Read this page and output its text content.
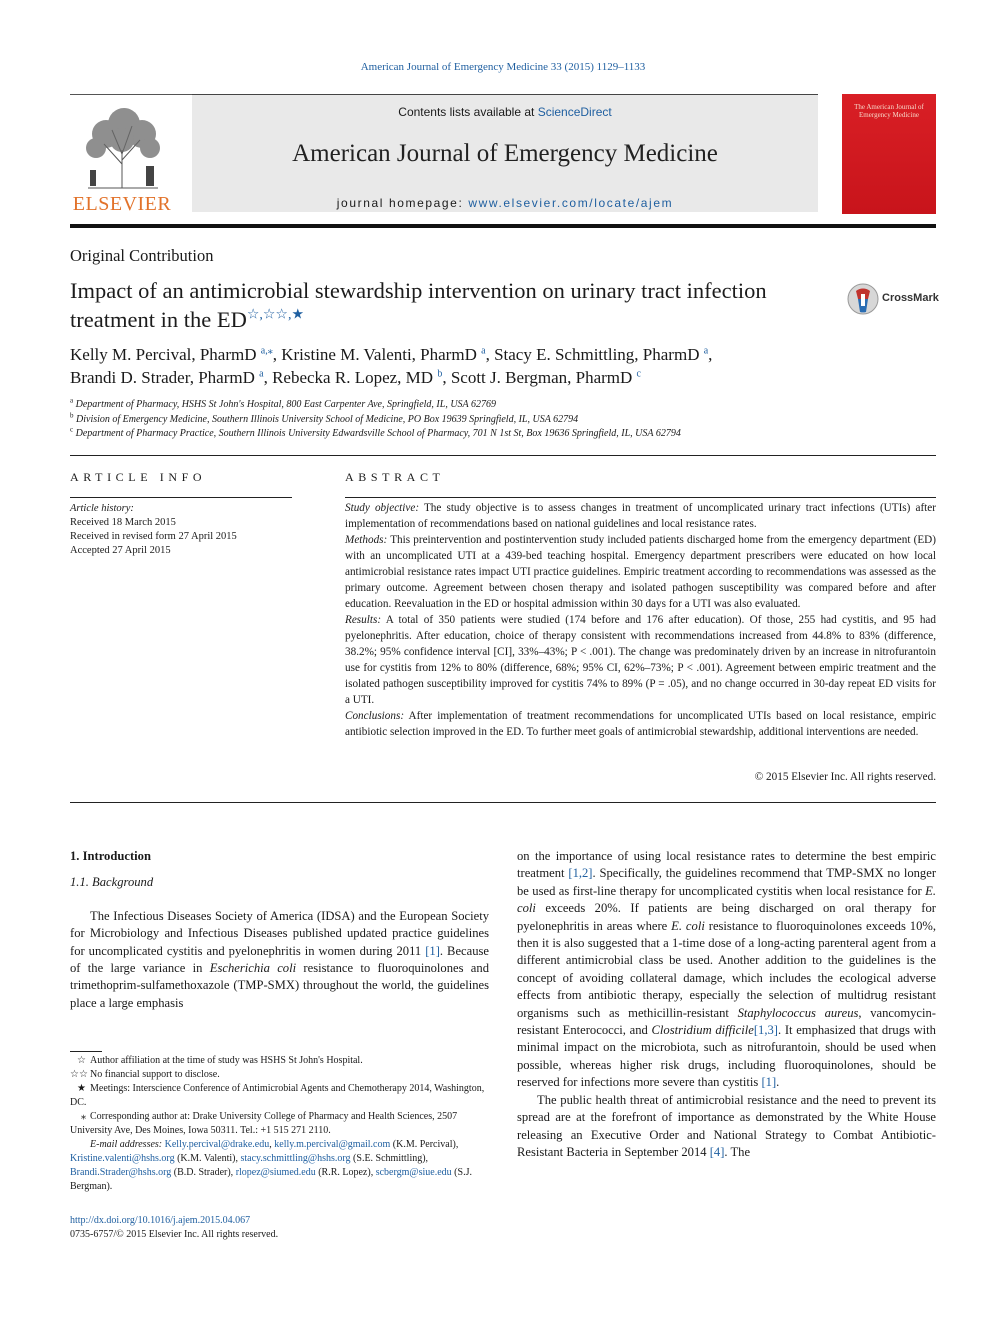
American Journal of Emergency Medicine 33 (2015) 1129–1133
ELSEVIER
Contents lists available at ScienceDirect
American Journal of Emergency Medicine
journal homepage: www.elsevier.com/locate/ajem
The American Journal of Emergency Medicine
Original Contribution
Impact of an antimicrobial stewardship intervention on urinary tract infection treatment in the ED☆,☆☆,★
CrossMark
Kelly M. Percival, PharmD $^{a,⁎}$, Kristine M. Valenti, PharmD $^a$, Stacy E. Schmittling, PharmD $^a$,
Brandi D. Strader, PharmD $^a$, Rebecka R. Lopez, MD $^b$, Scott J. Bergman, PharmD $^c$
$^a$ Department of Pharmacy, HSHS St John's Hospital, 800 East Carpenter Ave, Springfield, IL, USA 62769
$^b$ Division of Emergency Medicine, Southern Illinois University School of Medicine, PO Box 19639 Springfield, IL, USA 62794
$^c$ Department of Pharmacy Practice, Southern Illinois University Edwardsville School of Pharmacy, 701 N 1st St, Box 19636 Springfield, IL, USA 62794
ARTICLE INFO
Article history:
Received 18 March 2015
Received in revised form 27 April 2015
Accepted 27 April 2015
ABSTRACT
Study objective: The study objective is to assess changes in treatment of uncomplicated urinary tract infections (UTIs) after implementation of recommendations based on national guidelines and local resistance rates.
Methods: This preintervention and postintervention study included patients discharged home from the emergency department (ED) with an uncomplicated UTI at a 439-bed teaching hospital. Emergency department prescribers were educated on how local antimicrobial resistance rates impact UTI practice guidelines. Empiric treatment according to recommendations was assessed as the primary outcome. Agreement between chosen therapy and isolated pathogen susceptibility was compared before and after education. Reevaluation in the ED or hospital admission within 30 days for a UTI was also evaluated.
Results: A total of 350 patients were studied (174 before and 176 after education). Of those, 255 had cystitis, and 95 had pyelonephritis. After education, choice of therapy consistent with recommendations increased from 44.8% to 83% (difference, 38.2%; 95% confidence interval [CI], 33%–43%; P < .001). The change was predominately driven by an increase in nitrofurantoin use for cystitis from 12% to 80% (difference, 68%; 95% CI, 62%–73%; P < .001). Agreement between empiric treatment and the isolated pathogen susceptibility improved for cystitis 74% to 89% (P = .05), and no change occurred in 30-day repeat ED visits for a UTI.
Conclusions: After implementation of treatment recommendations for uncomplicated UTIs based on local resistance, empiric antibiotic selection improved in the ED. To further meet goals of antimicrobial stewardship, additional interventions are needed.
© 2015 Elsevier Inc. All rights reserved.
1. Introduction
1.1. Background
The Infectious Diseases Society of America (IDSA) and the European Society for Microbiology and Infectious Diseases published updated practice guidelines for uncomplicated cystitis and pyelonephritis in women during 2011 [1]. Because of the large variance in Escherichia coli resistance to fluoroquinolones and trimethoprim-sulfamethoxazole (TMP-SMX) throughout the world, the guidelines place a large emphasis
on the importance of using local resistance rates to determine the best empiric treatment [1,2]. Specifically, the guidelines recommend that TMP-SMX no longer be used as first-line therapy for uncomplicated cystitis when local resistance for E. coli exceeds 20%. If patients are being discharged on oral therapy for pyelonephritis in areas where E. coli resistance to fluoroquinolones exceeds 10%, then it is also suggested that a 1-time dose of a long-acting parenteral agent from a different antimicrobial class be used. Another addition to the guidelines is the concept of avoiding collateral damage, which includes the ecological adverse effects from antibiotic therapy, especially the selection of multidrug resistant organisms such as methicillin-resistant Staphylococcus aureus, vancomycin-resistant Enterococci, and Clostridium difficile[1,3]. It emphasized that drugs with minimal impact on the microbiota, such as nitrofurantoin, should be used when possible, whereas higher risk drugs, including fluoroquinolones, should be reserved for infections more severe than cystitis [1].
The public health threat of antimicrobial resistance and the need to prevent its spread are at the forefront of importance as demonstrated by the White House releasing an Executive Order and National Strategy to Combat Antibiotic-Resistant Bacteria in September 2014 [4]. The
☆ Author affiliation at the time of study was HSHS St John's Hospital.
☆☆ No financial support to disclose.
★ Meetings: Interscience Conference of Antimicrobial Agents and Chemotherapy 2014, Washington, DC.
⁎ Corresponding author at: Drake University College of Pharmacy and Health Sciences, 2507 University Ave, Des Moines, Iowa 50311. Tel.: +1 515 271 2110.
E-mail addresses: Kelly.percival@drake.edu, kelly.m.percival@gmail.com (K.M. Percival), Kristine.valenti@hshs.org (K.M. Valenti), stacy.schmittling@hshs.org (S.E. Schmittling), Brandi.Strader@hshs.org (B.D. Strader), rlopez@siumed.edu (R.R. Lopez), scbergm@siue.edu (S.J. Bergman).
http://dx.doi.org/10.1016/j.ajem.2015.04.067
0735-6757/© 2015 Elsevier Inc. All rights reserved.
